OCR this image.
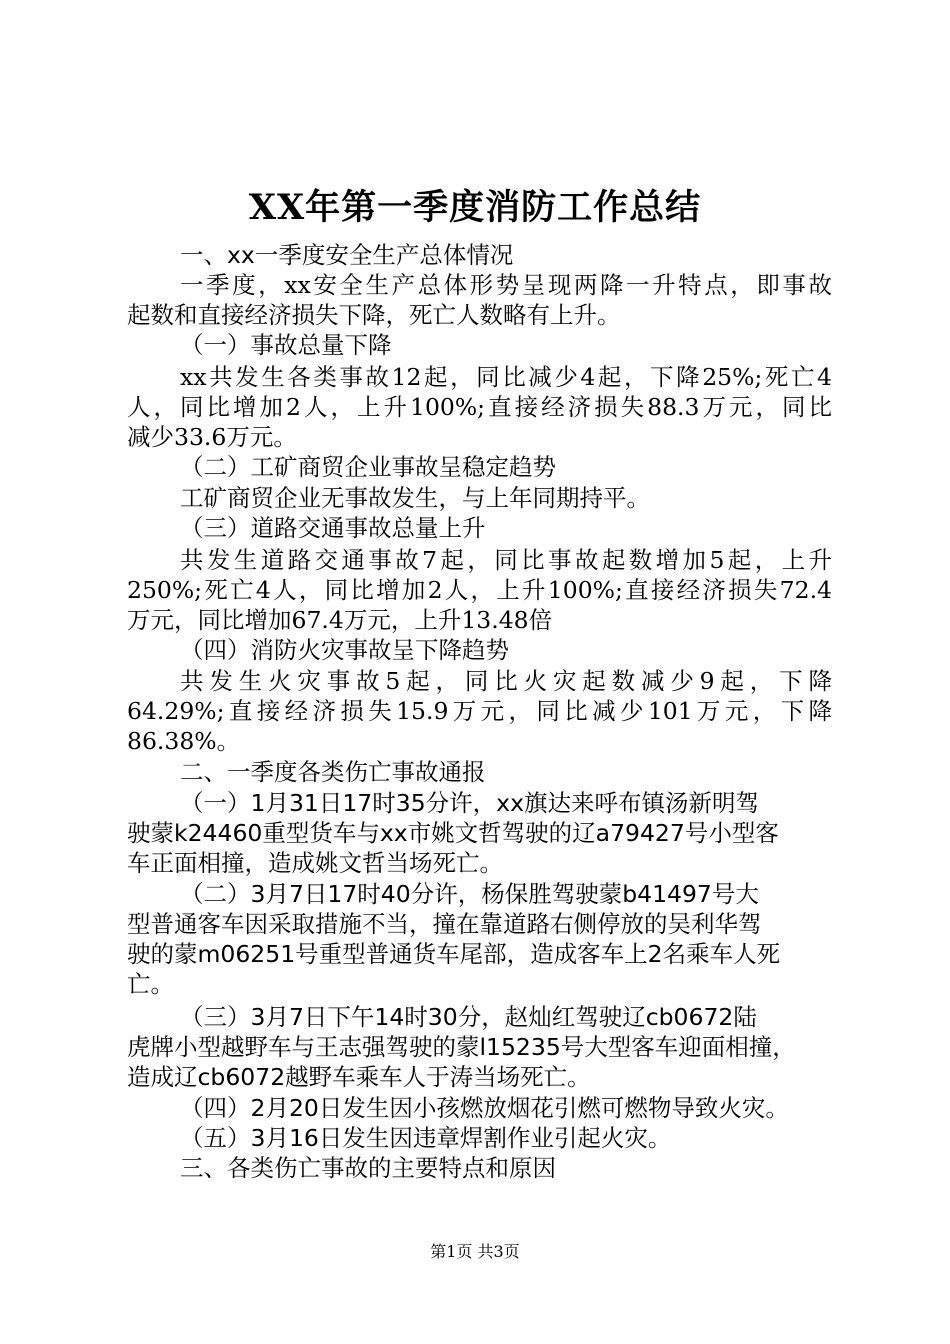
XX年第一季度消防工作总结
一、xx一季度安全生产总体情况
一季度，xx安全生产总体形势呈现两降一升特点，即事故
起数和直接经济损失下降，死亡人数略有上升。
（一）事故总量下降
xx共发生各类事故12起，同比减少4起，下降25%;死亡4
人，同比增加2人，上升100%;直接经济损失88.3万元，同比
减少33.6万元。
（二）工矿商贸企业事故呈稳定趋势
工矿商贸企业无事故发生，与上年同期持平。
（三）道路交通事故总量上升
共发生道路交通事故7起，同比事故起数增加5起，上升
250%;死亡4人，同比增加2人，上升100%;直接经济损失72.4
万元，同比增加67.4万元，上升13.48倍
（四）消防火灾事故呈下降趋势
共发生火灾事故5起，同比火灾起数减少9起，下降
64.29%;直接经济损失15.9万元，同比减少101万元，下降
86.38%。
二、一季度各类伤亡事故通报
（一）1月31日17时35分许，xx旗达来呼布镇汤新明驾
驶蒙k24460重型货车与xx市姚文哲驾驶的辽a79427号小型客
车正面相撞，造成姚文哲当场死亡。
（二）3月7日17时40分许，杨保胜驾驶蒙b41497号大
型普通客车因采取措施不当，撞在靠道路右侧停放的吴利华驾
驶的蒙m06251号重型普通货车尾部，造成客车上2名乘车人死
亡。
（三）3月7日下午14时30分，赵灿红驾驶辽cb0672陆
虎牌小型越野车与王志强驾驶的蒙l15235号大型客车迎面相撞，
造成辽cb6072越野车乘车人于涛当场死亡。
（四）2月20日发生因小孩燃放烟花引燃可燃物导致火灾。
（五）3月16日发生因违章焊割作业引起火灾。
三、各类伤亡事故的主要特点和原因
第1页 共3页
